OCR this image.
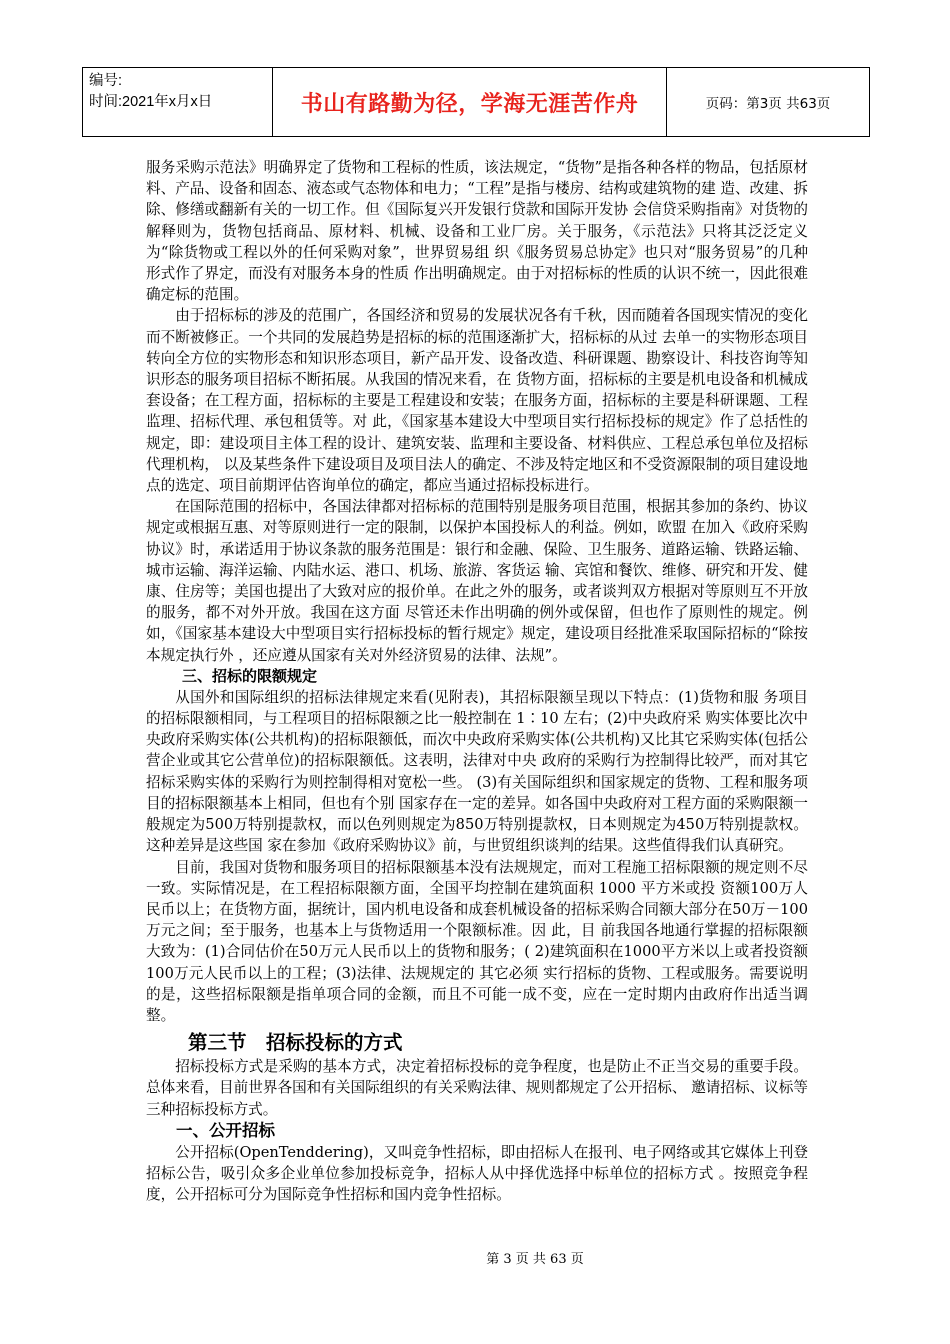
编号:
时间:2021年x月x日	书山有路勤为径，学海无涯苦作舟	页码：第3页 共63页

服务采购示范法》明确界定了货物和工程标的性质，该法规定，“货物”是指各种各样的物品，包括原材 料、产品、设备和固态、液态或气态物体和电力；“工程”是指与楼房、结构或建筑物的建 造、改建、拆除、修缮或翻新有关的一切工作。但《国际复兴开发银行贷款和国际开发协 会信贷采购指南》对货物的解释则为，货物包括商品、原材料、机械、设备和工业厂房。关于服务，《示范法》只将其泛泛定义为“除货物或工程以外的任何采购对象”，世界贸易组 织《服务贸易总协定》也只对“服务贸易”的几种形式作了界定，而没有对服务本身的性质 作出明确规定。由于对招标标的性质的认识不统一，因此很难确定标的范围。

由于招标标的涉及的范围广，各国经济和贸易的发展状况各有千秋，因而随着各国现实情况的变化而不断被修正。一个共同的发展趋势是招标的标的范围逐渐扩大，招标标的从过 去单一的实物形态项目转向全方位的实物形态和知识形态项目，新产品开发、设备改造、科研课题、勘察设计、科技咨询等知识形态的服务项目招标不断拓展。从我国的情况来看，在 货物方面，招标标的主要是机电设备和机械成套设备；在工程方面，招标标的主要是工程建设和安装；在服务方面，招标标的主要是科研课题、工程监理、招标代理、承包租赁等。对 此，《国家基本建设大中型项目实行招标投标的规定》作了总括性的规定，即：建设项目主体工程的设计、建筑安装、监理和主要设备、材料供应、工程总承包单位及招标代理机构， 以及某些条件下建设项目及项目法人的确定、不涉及特定地区和不受资源限制的项目建设地点的选定、项目前期评估咨询单位的确定，都应当通过招标投标进行。

在国际范围的招标中，各国法律都对招标标的范围特别是服务项目范围，根据其参加的条约、协议规定或根据互惠、对等原则进行一定的限制，以保护本国投标人的利益。例如，欧盟 在加入《政府采购协议》时，承诺适用于协议条款的服务范围是：银行和金融、保险、卫生服务、道路运输、铁路运输、城市运输、海洋运输、内陆水运、港口、机场、旅游、客货运 输、宾馆和餐饮、维修、研究和开发、健康、住房等；美国也提出了大致对应的报价单。在此之外的服务，或者谈判双方根据对等原则互不开放的服务，都不对外开放。我国在这方面 尽管还未作出明确的例外或保留，但也作了原则性的规定。例如，《国家基本建设大中型项目实行招标投标的暂行规定》规定，建设项目经批准采取国际招标的“除按本规定执行外 ，还应遵从国家有关对外经济贸易的法律、法规”。

三、招标的限额规定

从国外和国际组织的招标法律规定来看(见附表)，其招标限额呈现以下特点：(1)货物和服 务项目的招标限额相同，与工程项目的招标限额之比一般控制在 1∶10 左右；(2)中央政府采 购实体要比次中央政府采购实体(公共机构)的招标限额低，而次中央政府采购实体(公共机构)又比其它采购实体(包括公营企业或其它公营单位)的招标限额低。这表明，法律对中央 政府的采购行为控制得比较严，而对其它招标采购实体的采购行为则控制得相对宽松一些。 (3)有关国际组织和国家规定的货物、工程和服务项目的招标限额基本上相同，但也有个别 国家存在一定的差异。如各国中央政府对工程方面的采购限额一般规定为500万特别提款权，而以色列则规定为850万特别提款权，日本则规定为450万特别提款权。这种差异是这些国 家在参加《政府采购协议》前，与世贸组织谈判的结果。这些值得我们认真研究。

目前，我国对货物和服务项目的招标限额基本没有法规规定，而对工程施工招标限额的规定则不尽一致。实际情况是，在工程招标限额方面，全国平均控制在建筑面积 1000 平方米或投 资额100万人民币以上；在货物方面，据统计，国内机电设备和成套机械设备的招标采购合同额大部分在50万－100万元之间；至于服务，也基本上与货物适用一个限额标准。因 此，目 前我国各地通行掌握的招标限额大致为：(1)合同估价在50万元人民币以上的货物和服务；( 2)建筑面积在1000平方米以上或者投资额100万元人民币以上的工程；(3)法律、法规规定的 其它必须 实行招标的货物、工程或服务。需要说明的是，这些招标限额是指单项合同的金额，而且不可能一成不变，应在一定时期内由政府作出适当调整。

第三节　招标投标的方式

招标投标方式是采购的基本方式，决定着招标投标的竞争程度，也是防止不正当交易的重要手段。总体来看，目前世界各国和有关国际组织的有关采购法律、规则都规定了公开招标、 邀请招标、议标等三种招标投标方式。

一、公开招标

公开招标(OpenTenddering)，又叫竞争性招标，即由招标人在报刊、电子网络或其它媒体上刊登招标公告，吸引众多企业单位参加投标竞争，招标人从中择优选择中标单位的招标方式 。按照竞争程度，公开招标可分为国际竞争性招标和国内竞争性招标。

第 3 页 共 63 页
